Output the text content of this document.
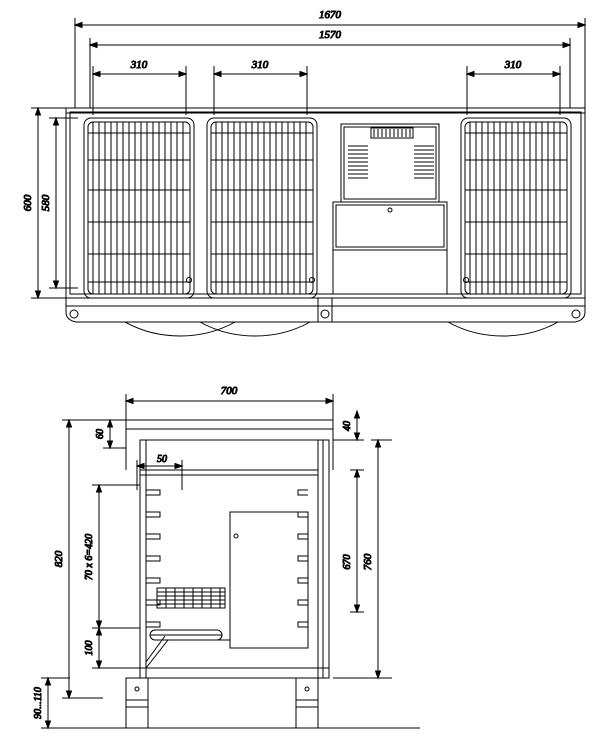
1670
1570
310	310	310
600 580
700
40
60
50
820 70 x 6=420
100
670 760
90...110
